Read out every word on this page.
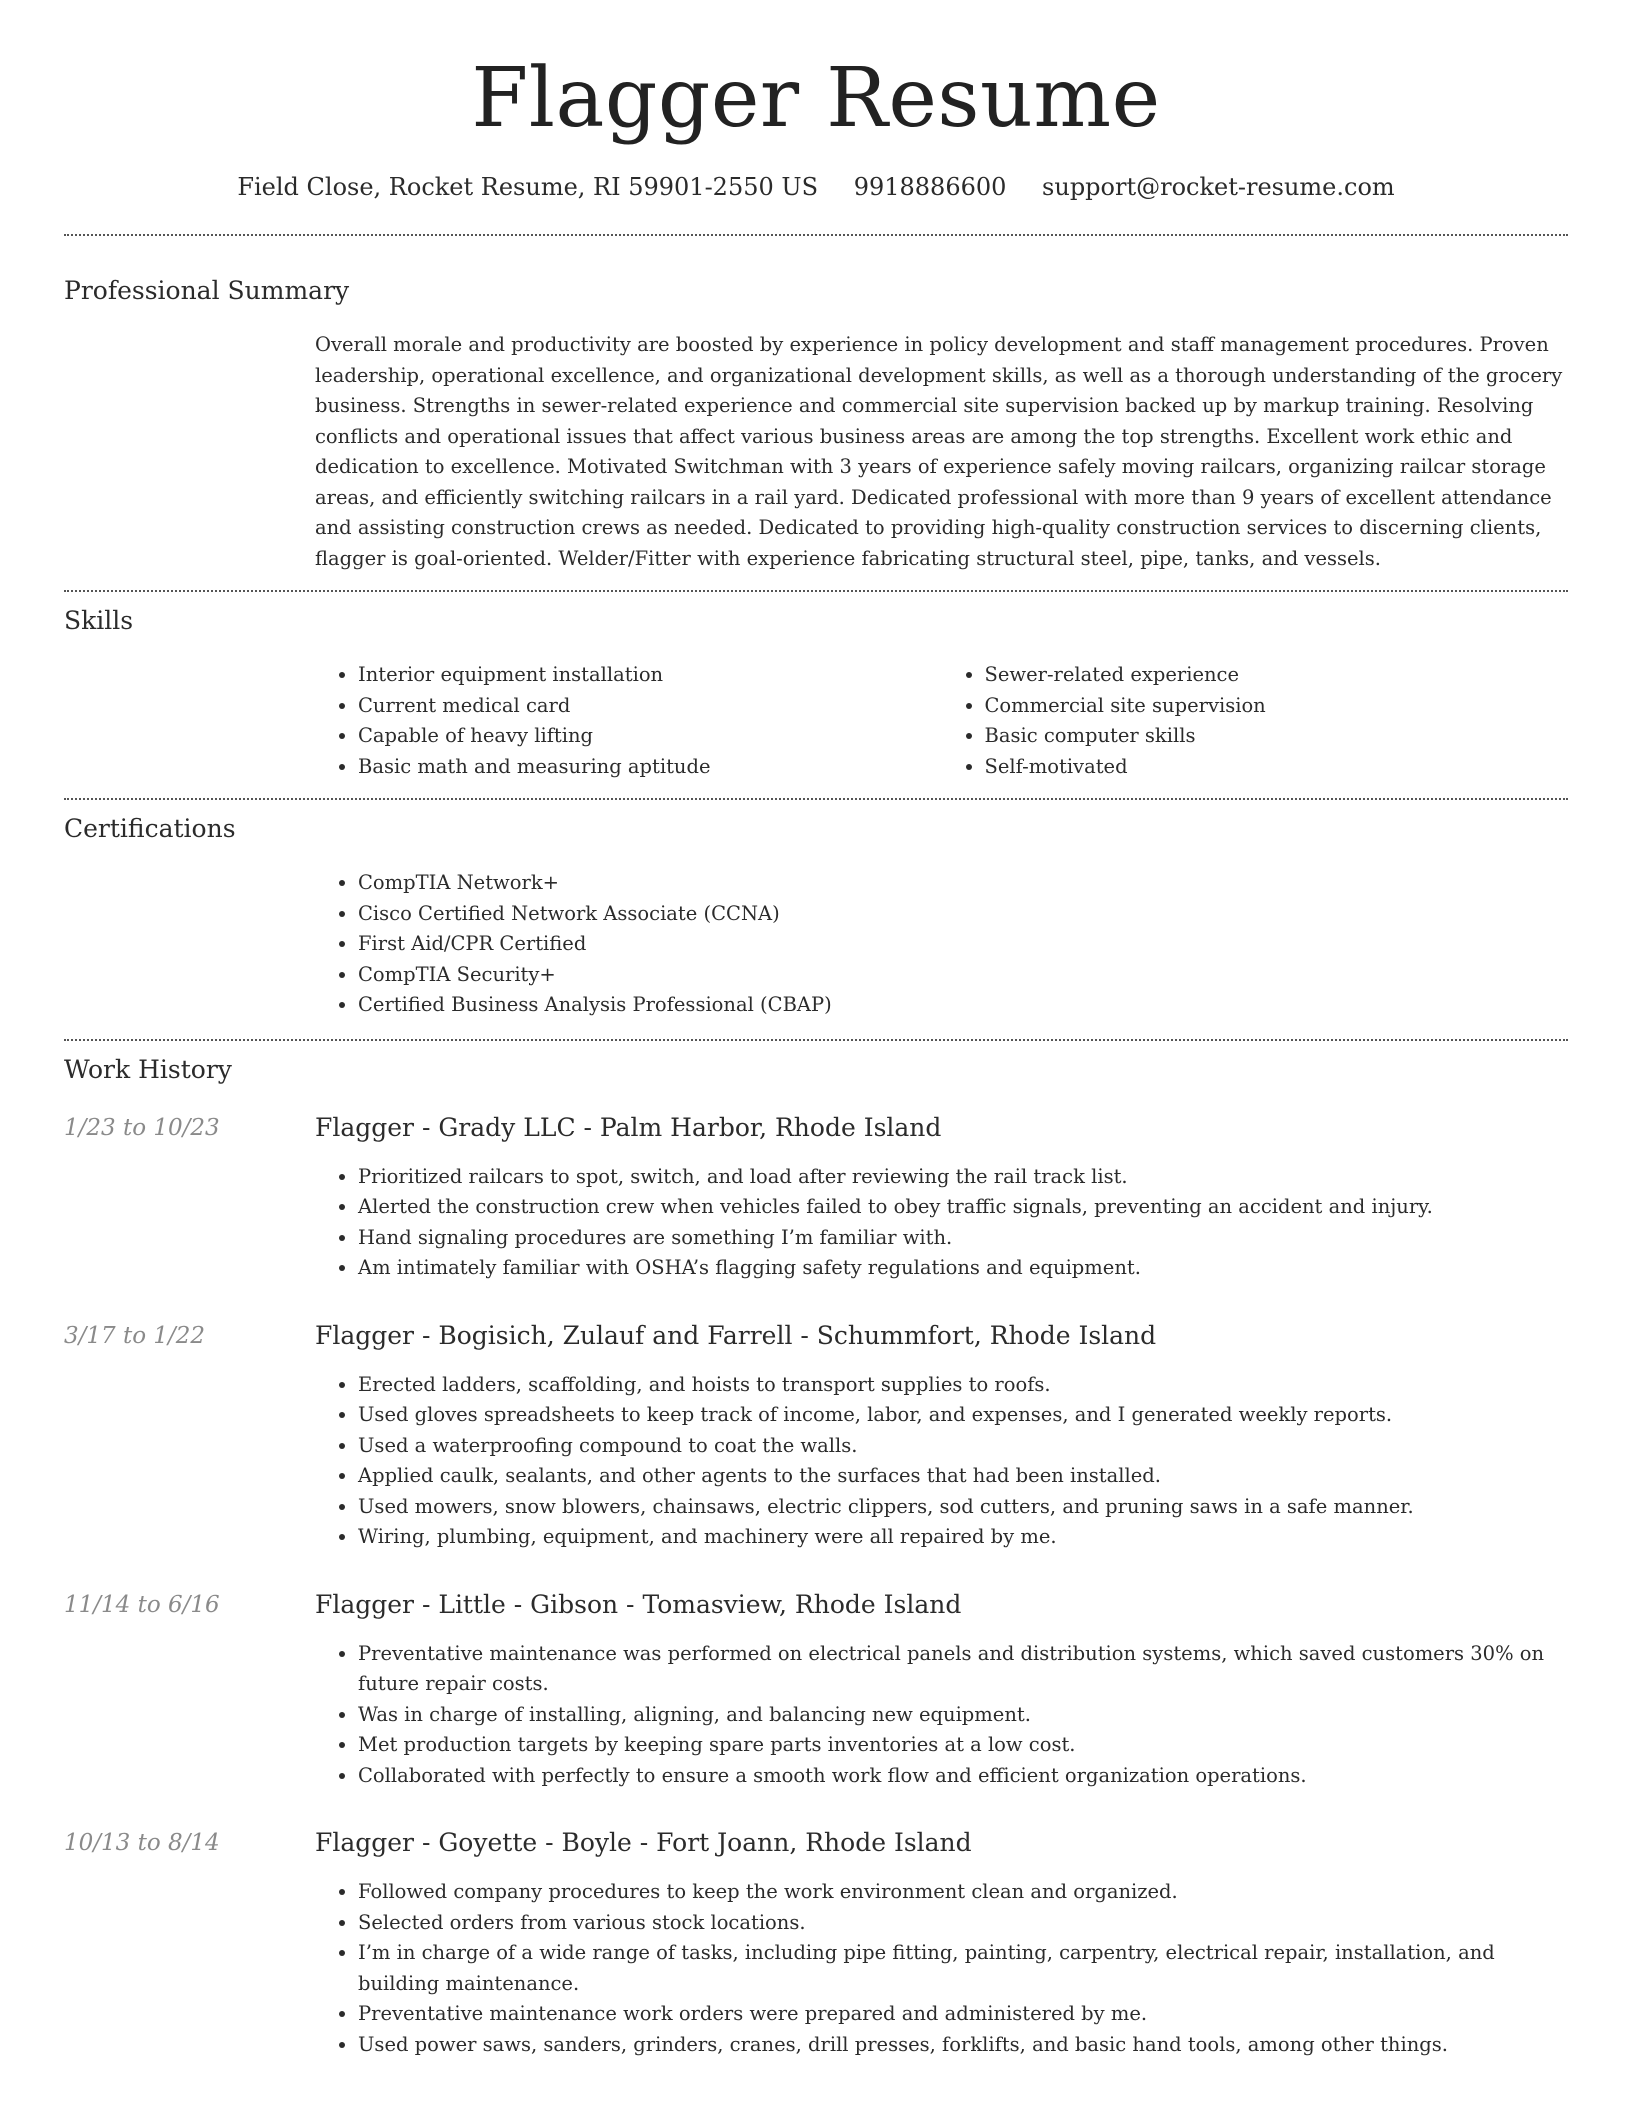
Flagger Resume
Field Close, Rocket Resume, RI 59901-2550 US 9918886600 support@rocket-resume.com
Professional Summary

Overall morale and productivity are boosted by experience in policy development and staff management procedures. Proven leadership, operational excellence, and organizational development skills, as well as a thorough understanding of the grocery business. Strengths in sewer-related experience and commercial site supervision backed up by markup training. Resolving conflicts and operational issues that affect various business areas are among the top strengths. Excellent work ethic and dedication to excellence. Motivated Switchman with 3 years of experience safely moving railcars, organizing railcar storage areas, and efficiently switching railcars in a rail yard. Dedicated professional with more than 9 years of excellent attendance and assisting construction crews as needed. Dedicated to providing high-quality construction services to discerning clients, flagger is goal-oriented. Welder/Fitter with experience fabricating structural steel, pipe, tanks, and vessels.

Skills
• Interior equipment installation
• Current medical card
• Capable of heavy lifting
• Basic math and measuring aptitude
• Sewer-related experience
• Commercial site supervision
• Basic computer skills
• Self-motivated
Certifications
• CompTIA Network+
• Cisco Certified Network Associate (CCNA)
• First Aid/CPR Certified
• CompTIA Security+
• Certified Business Analysis Professional (CBAP)
Work History
1/23 to 10/23	Flagger - Grady LLC - Palm Harbor, Rhode Island
• Prioritized railcars to spot, switch, and load after reviewing the rail track list.
• Alerted the construction crew when vehicles failed to obey traffic signals, preventing an accident and injury.
• Hand signaling procedures are something I’m familiar with.
• Am intimately familiar with OSHA’s flagging safety regulations and equipment.
3/17 to 1/22	Flagger - Bogisich, Zulauf and Farrell - Schummfort, Rhode Island
• Erected ladders, scaffolding, and hoists to transport supplies to roofs.
• Used gloves spreadsheets to keep track of income, labor, and expenses, and I generated weekly reports.
• Used a waterproofing compound to coat the walls.
• Applied caulk, sealants, and other agents to the surfaces that had been installed.
• Used mowers, snow blowers, chainsaws, electric clippers, sod cutters, and pruning saws in a safe manner.
• Wiring, plumbing, equipment, and machinery were all repaired by me.
11/14 to 6/16	Flagger - Little - Gibson - Tomasview, Rhode Island
• Preventative maintenance was performed on electrical panels and distribution systems, which saved customers 30% on future repair costs.
• Was in charge of installing, aligning, and balancing new equipment.
• Met production targets by keeping spare parts inventories at a low cost.
• Collaborated with perfectly to ensure a smooth work flow and efficient organization operations.
10/13 to 8/14	Flagger - Goyette - Boyle - Fort Joann, Rhode Island
• Followed company procedures to keep the work environment clean and organized.
• Selected orders from various stock locations.
• I’m in charge of a wide range of tasks, including pipe fitting, painting, carpentry, electrical repair, installation, and building maintenance.
• Preventative maintenance work orders were prepared and administered by me.
• Used power saws, sanders, grinders, cranes, drill presses, forklifts, and basic hand tools, among other things.
